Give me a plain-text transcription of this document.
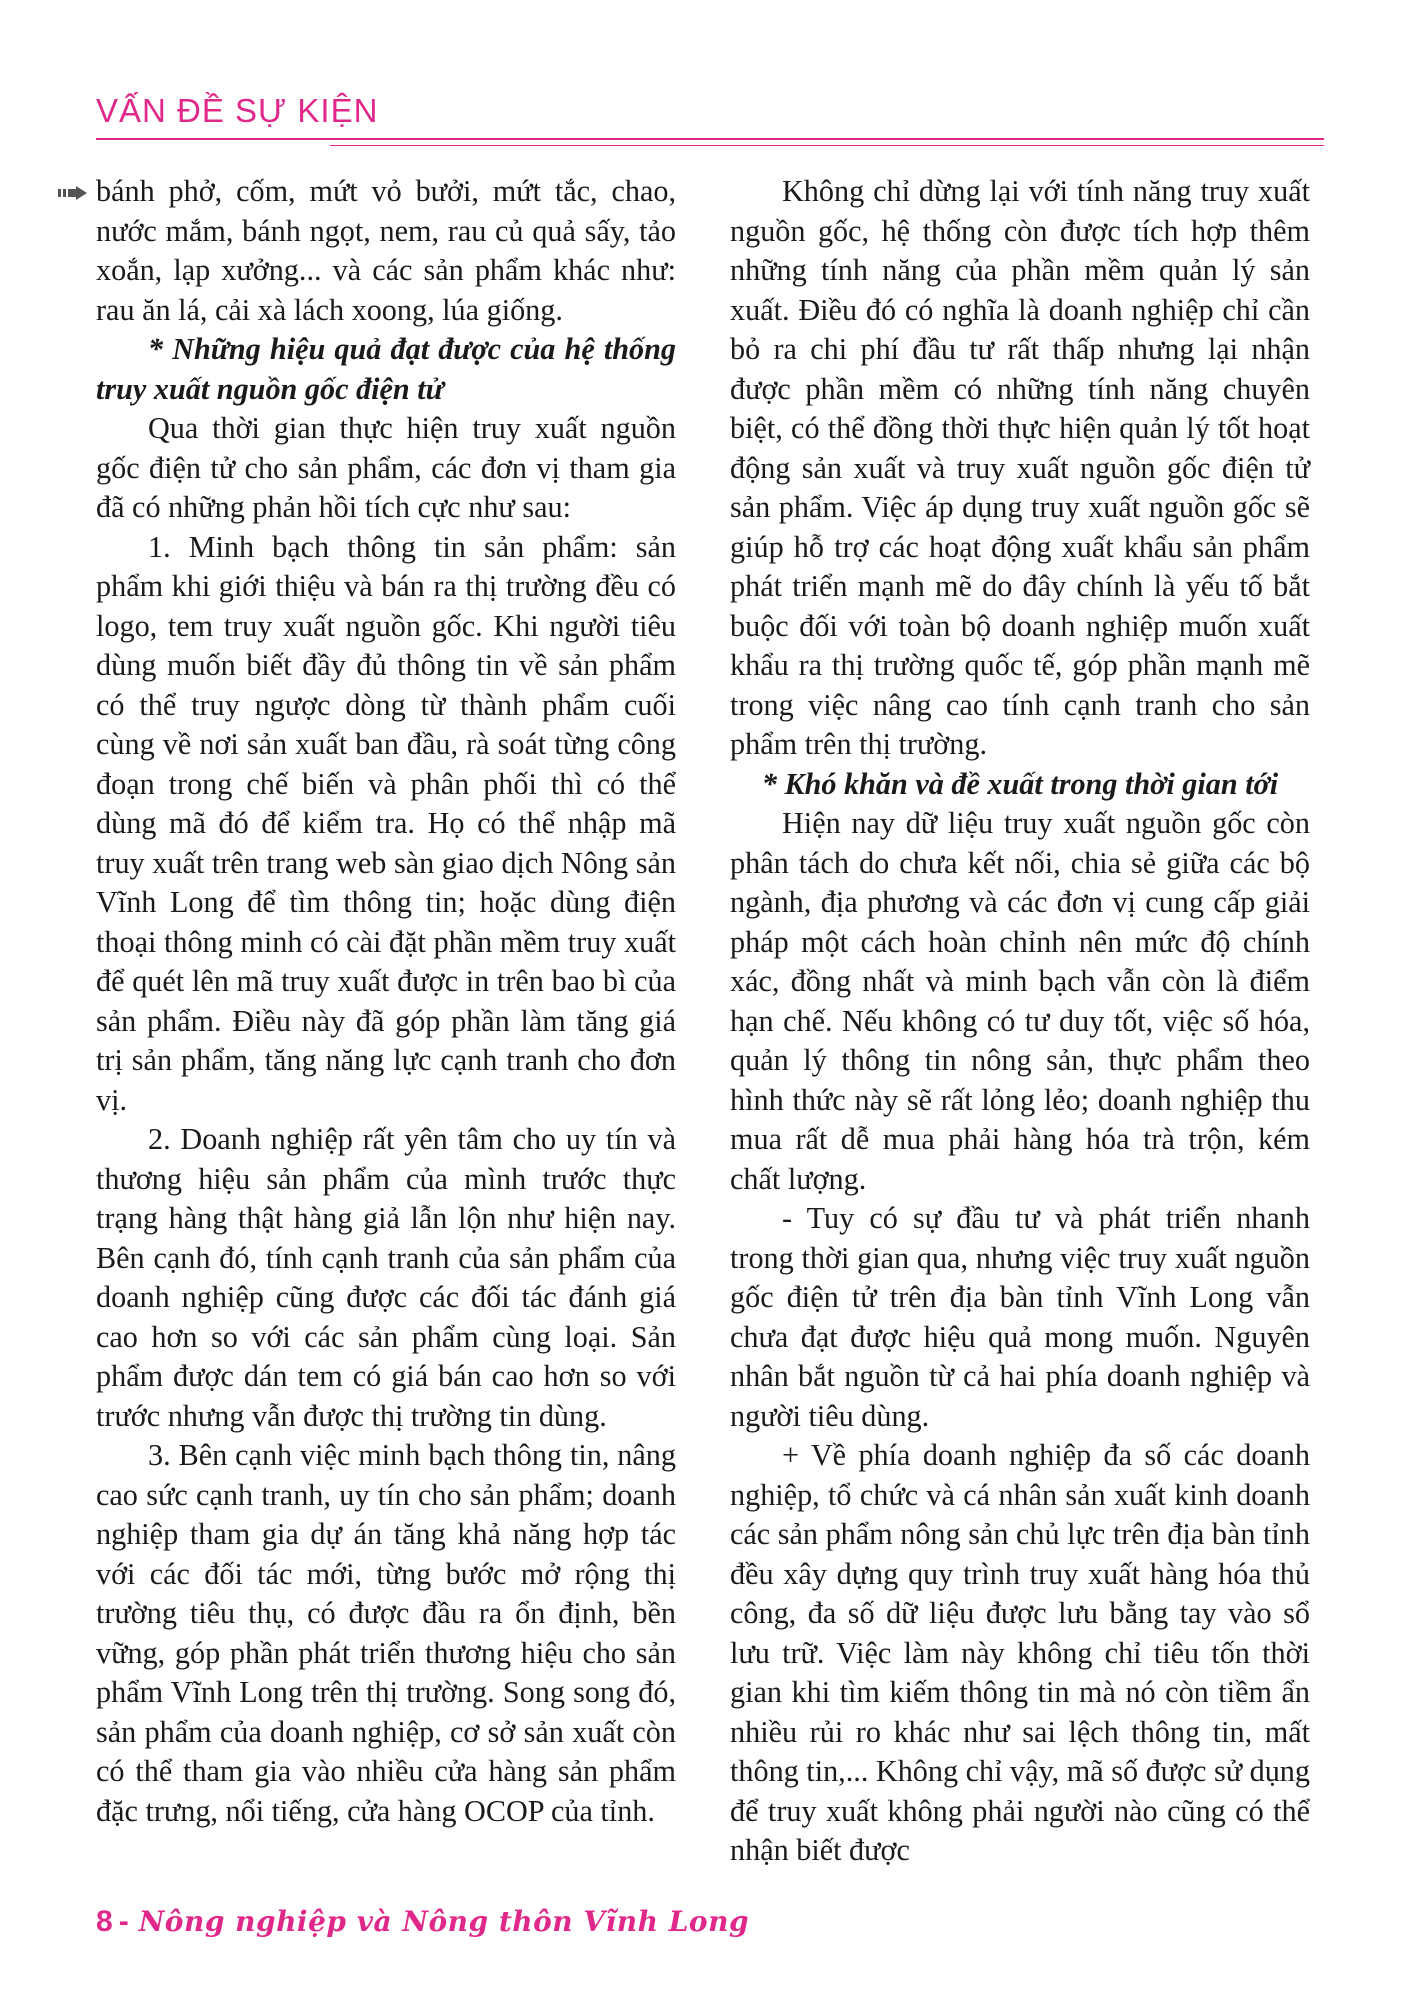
VẤN ĐỀ SỰ KIỆN

bánh phở, cốm, mứt vỏ bưởi, mứt tắc, chao, nước mắm, bánh ngọt, nem, rau củ quả sấy, tảo xoắn, lạp xưởng... và các sản phẩm khác như: rau ăn lá, cải xà lách xoong, lúa giống.

* Những hiệu quả đạt được của hệ thống truy xuất nguồn gốc điện tử

Qua thời gian thực hiện truy xuất nguồn gốc điện tử cho sản phẩm, các đơn vị tham gia đã có những phản hồi tích cực như sau:

1. Minh bạch thông tin sản phẩm: sản phẩm khi giới thiệu và bán ra thị trường đều có logo, tem truy xuất nguồn gốc. Khi người tiêu dùng muốn biết đầy đủ thông tin về sản phẩm có thể truy ngược dòng từ thành phẩm cuối cùng về nơi sản xuất ban đầu, rà soát từng công đoạn trong chế biến và phân phối thì có thể dùng mã đó để kiểm tra. Họ có thể nhập mã truy xuất trên trang web sàn giao dịch Nông sản Vĩnh Long để tìm thông tin; hoặc dùng điện thoại thông minh có cài đặt phần mềm truy xuất để quét lên mã truy xuất được in trên bao bì của sản phẩm. Điều này đã góp phần làm tăng giá trị sản phẩm, tăng năng lực cạnh tranh cho đơn vị.

2. Doanh nghiệp rất yên tâm cho uy tín và thương hiệu sản phẩm của mình trước thực trạng hàng thật hàng giả lẫn lộn như hiện nay. Bên cạnh đó, tính cạnh tranh của sản phẩm của doanh nghiệp cũng được các đối tác đánh giá cao hơn so với các sản phẩm cùng loại. Sản phẩm được dán tem có giá bán cao hơn so với trước nhưng vẫn được thị trường tin dùng.

3. Bên cạnh việc minh bạch thông tin, nâng cao sức cạnh tranh, uy tín cho sản phẩm; doanh nghiệp tham gia dự án tăng khả năng hợp tác với các đối tác mới, từng bước mở rộng thị trường tiêu thụ, có được đầu ra ổn định, bền vững, góp phần phát triển thương hiệu cho sản phẩm Vĩnh Long trên thị trường. Song song đó, sản phẩm của doanh nghiệp, cơ sở sản xuất còn có thể tham gia vào nhiều cửa hàng sản phẩm đặc trưng, nổi tiếng, cửa hàng OCOP của tỉnh.

Không chỉ dừng lại với tính năng truy xuất nguồn gốc, hệ thống còn được tích hợp thêm những tính năng của phần mềm quản lý sản xuất. Điều đó có nghĩa là doanh nghiệp chỉ cần bỏ ra chi phí đầu tư rất thấp nhưng lại nhận được phần mềm có những tính năng chuyên biệt, có thể đồng thời thực hiện quản lý tốt hoạt động sản xuất và truy xuất nguồn gốc điện tử sản phẩm. Việc áp dụng truy xuất nguồn gốc sẽ giúp hỗ trợ các hoạt động xuất khẩu sản phẩm phát triển mạnh mẽ do đây chính là yếu tố bắt buộc đối với toàn bộ doanh nghiệp muốn xuất khẩu ra thị trường quốc tế, góp phần mạnh mẽ trong việc nâng cao tính cạnh tranh cho sản phẩm trên thị trường.

* Khó khăn và đề xuất trong thời gian tới

Hiện nay dữ liệu truy xuất nguồn gốc còn phân tách do chưa kết nối, chia sẻ giữa các bộ ngành, địa phương và các đơn vị cung cấp giải pháp một cách hoàn chỉnh nên mức độ chính xác, đồng nhất và minh bạch vẫn còn là điểm hạn chế. Nếu không có tư duy tốt, việc số hóa, quản lý thông tin nông sản, thực phẩm theo hình thức này sẽ rất lỏng lẻo; doanh nghiệp thu mua rất dễ mua phải hàng hóa trà trộn, kém chất lượng.

- Tuy có sự đầu tư và phát triển nhanh trong thời gian qua, nhưng việc truy xuất nguồn gốc điện tử trên địa bàn tỉnh Vĩnh Long vẫn chưa đạt được hiệu quả mong muốn. Nguyên nhân bắt nguồn từ cả hai phía doanh nghiệp và người tiêu dùng.

+ Về phía doanh nghiệp đa số các doanh nghiệp, tổ chức và cá nhân sản xuất kinh doanh các sản phẩm nông sản chủ lực trên địa bàn tỉnh đều xây dựng quy trình truy xuất hàng hóa thủ công, đa số dữ liệu được lưu bằng tay vào sổ lưu trữ. Việc làm này không chỉ tiêu tốn thời gian khi tìm kiếm thông tin mà nó còn tiềm ẩn nhiều rủi ro khác như sai lệch thông tin, mất thông tin,... Không chỉ vậy, mã số được sử dụng để truy xuất không phải người nào cũng có thể nhận biết được

8 - Nông nghiệp và Nông thôn Vĩnh Long
